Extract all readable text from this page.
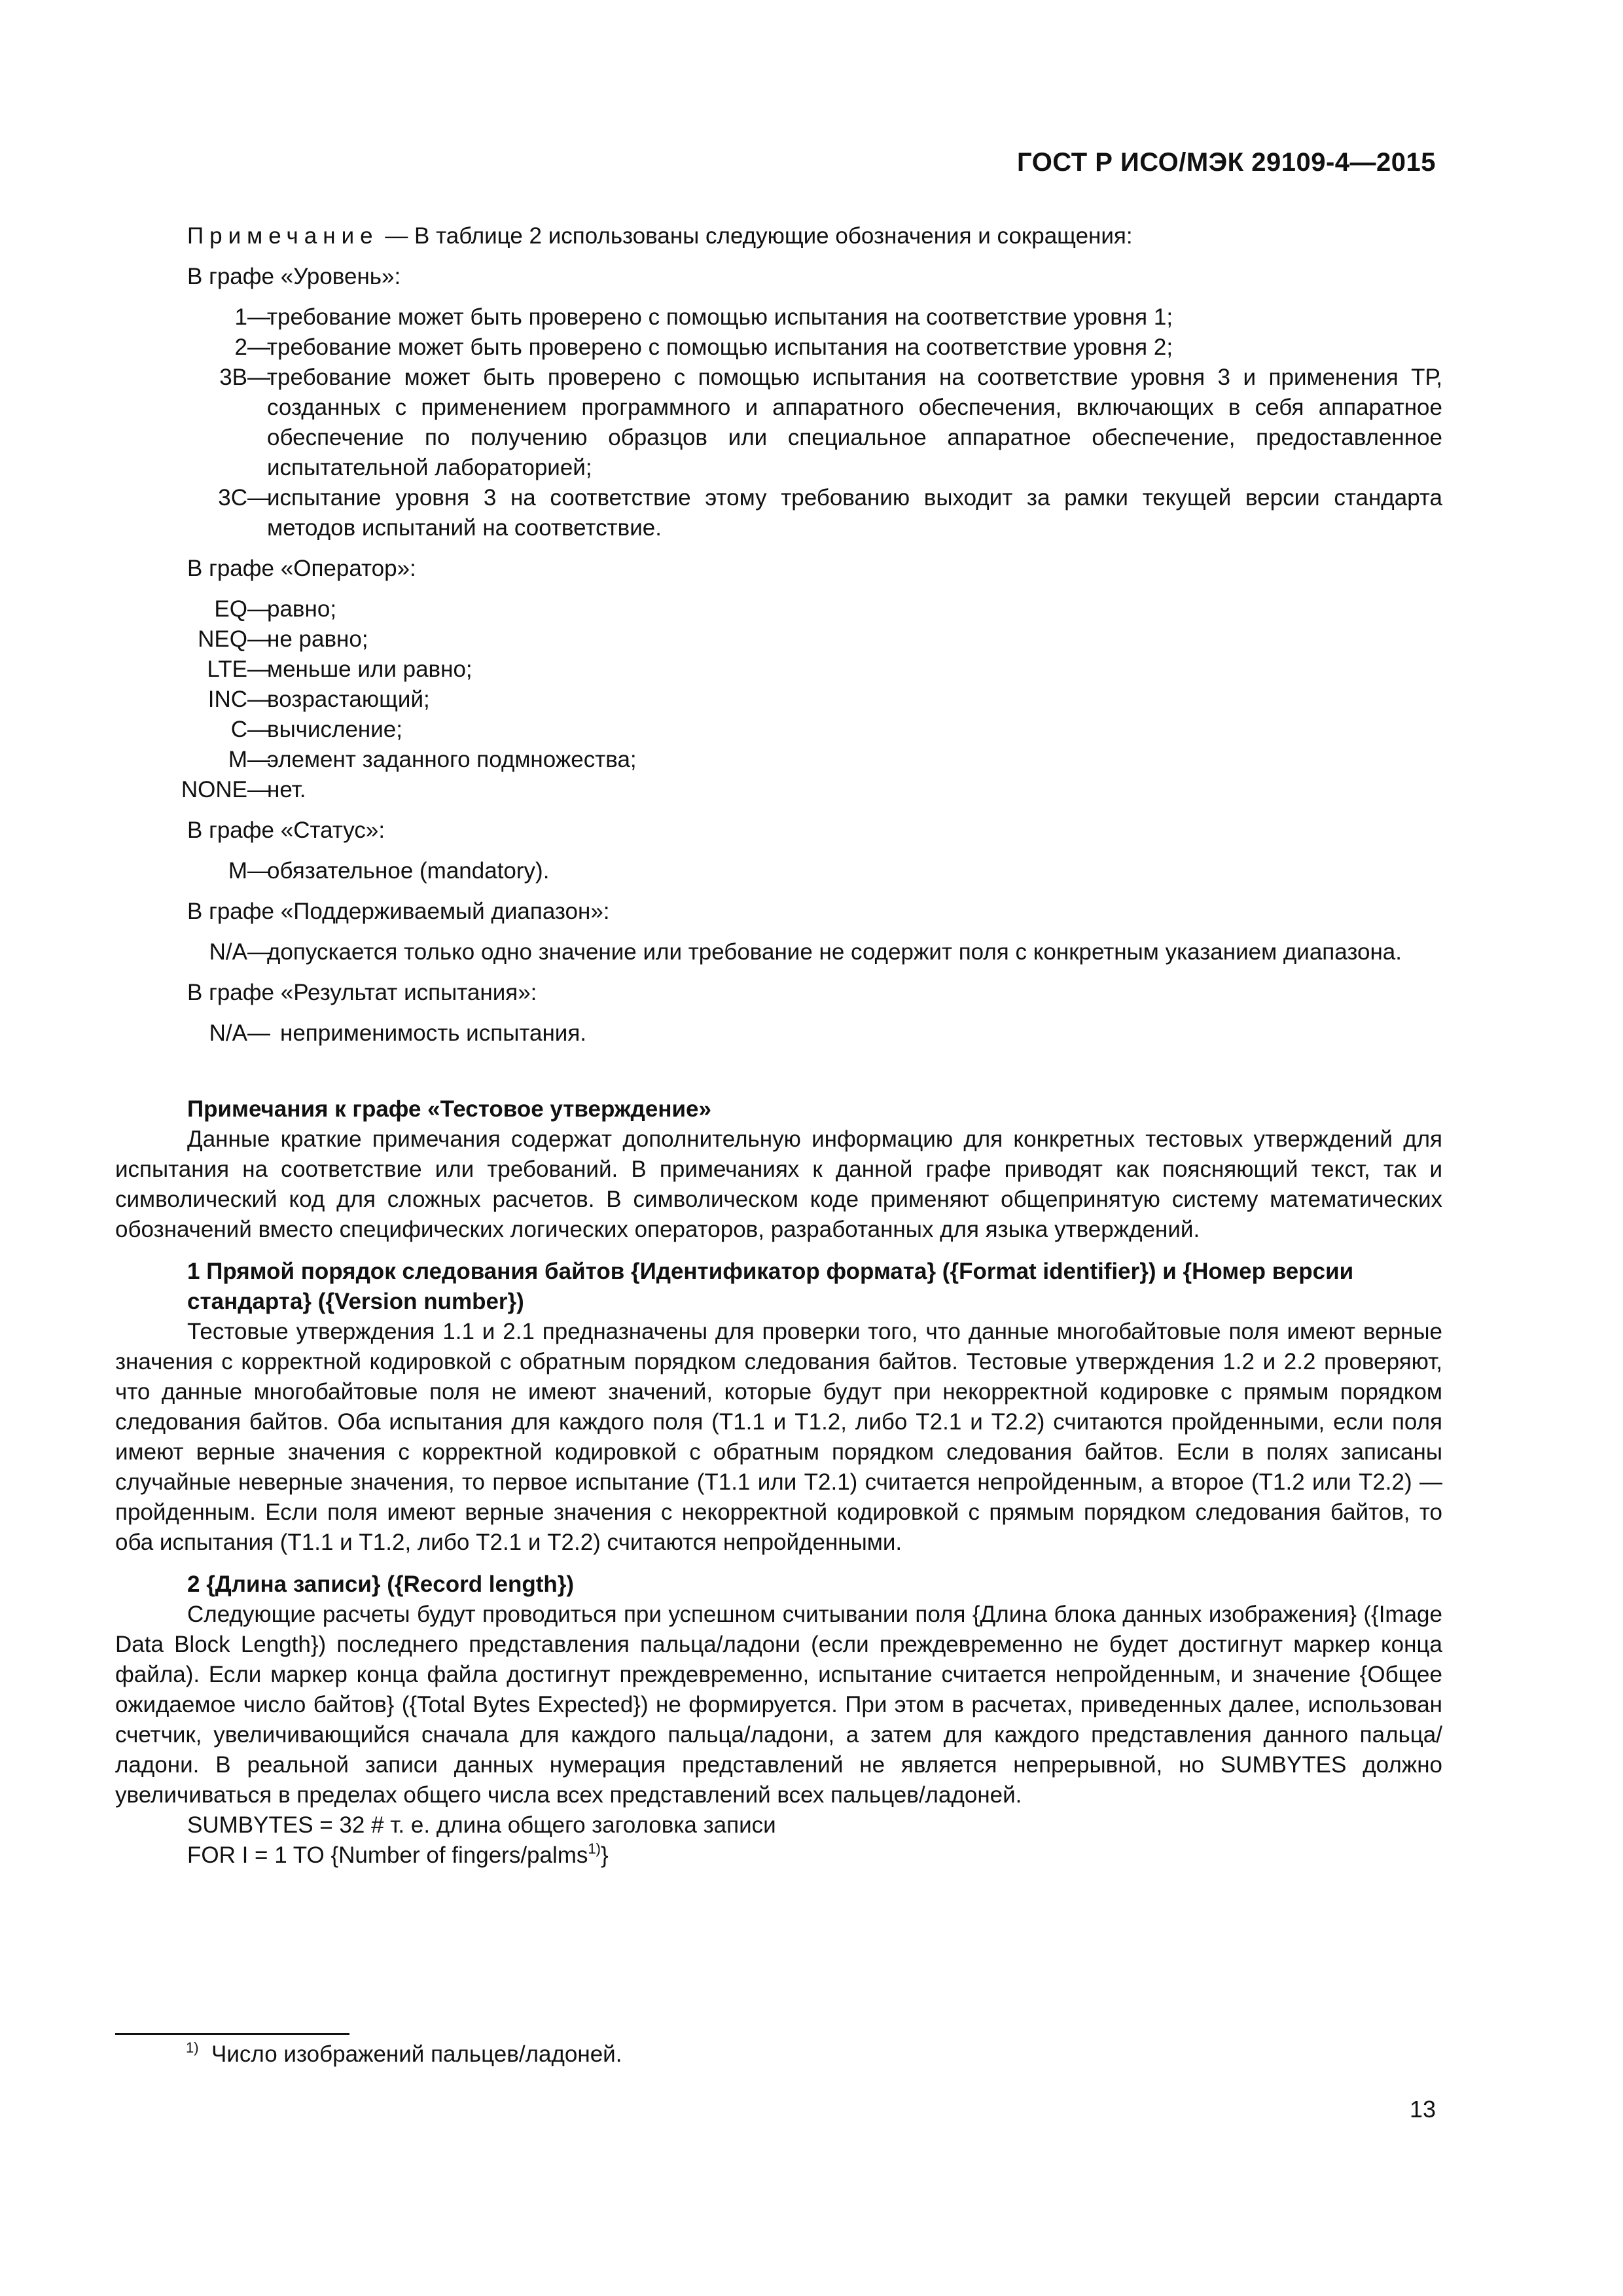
ГОСТ Р ИСО/МЭК 29109-4—2015

Примечание — В таблице 2 использованы следующие обозначения и сокращения:

В графе «Уровень»:

1 —
требование может быть проверено с помощью испытания на соответствие уровня 1;
2 —
требование может быть проверено с помощью испытания на соответствие уровня 2;
3B —
требование может быть проверено с помощью испытания на соответствие уровня 3 и применения ТР, созданных с применением программного и аппаратного обеспечения, включающих в себя аппаратное обеспечение по получению образцов или специальное аппаратное обеспечение, предоставленное испытательной лабораторией;
3C —
испытание уровня 3 на соответствие этому требованию выходит за рамки текущей версии стандарта методов испытаний на соответствие.

В графе «Оператор»:

EQ —
равно;
NEQ —
не равно;
LTE —
меньше или равно;
INC —
возрастающий;
C —
вычисление;
M —
элемент заданного подмножества;
NONE —
нет.

В графе «Статус»:

M —
обязательное (mandatory).

В графе «Поддерживаемый диапазон»:

N/A —
допускается только одно значение или требование не содержит поля с конкретным указанием диапазона.

В графе «Результат испытания»:

N/A — неприменимость испытания.

Примечания к графе «Тестовое утверждение»

Данные краткие примечания содержат дополнительную информацию для конкретных тестовых утверждений для испытания на соответствие или требований. В примечаниях к данной графе приводят как поясняющий текст, так и символический код для сложных расчетов. В символическом коде применяют общепринятую систему математических обозначений вместо специфических логических операторов, разработанных для языка утверждений.

1 Прямой порядок следования байтов {Идентификатор формата} ({Format identifier}) и {Номер версии стандарта} ({Version number})

Тестовые утверждения 1.1 и 2.1 предназначены для проверки того, что данные многобайтовые поля имеют верные значения с корректной кодировкой с обратным порядком следования байтов. Тестовые утверждения 1.2 и 2.2 проверяют, что данные многобайтовые поля не имеют значений, которые будут при некорректной кодировке с прямым порядком следования байтов. Оба испытания для каждого поля (Т1.1 и Т1.2, либо Т2.1 и Т2.2) считаются пройденными, если поля имеют верные значения с корректной кодировкой с обратным порядком следования байтов. Если в полях записаны случайные неверные значения, то первое испытание (Т1.1 или Т2.1) считается непройденным, а второе (Т1.2 или Т2.2) — пройденным. Если поля имеют верные значения с некорректной кодировкой с прямым порядком следования байтов, то оба испытания (Т1.1 и Т1.2, либо Т2.1 и Т2.2) считаются непройденными.

2 {Длина записи} ({Record length})

Следующие расчеты будут проводиться при успешном считывании поля {Длина блока данных изображения} ({Image Data Block Length}) последнего представления пальца/ладони (если преждевременно не будет достигнут маркер конца файла). Если маркер конца файла достигнут преждевременно, испытание считается непройденным, и значение {Общее ожидаемое число байтов} ({Total Bytes Expected}) не формируется. При этом в расчетах, приведенных далее, использован счетчик, увеличивающийся сначала для каждого пальца/ладони, а затем для каждого представления данного пальца/ладони. В реальной записи данных нумерация представлений не является непрерывной, но SUMBYTES должно увеличиваться в пределах общего числа всех представлений всех пальцев/ладоней.

SUMBYTES = 32 # т. е. длина общего заголовка записи

FOR I = 1 TO {Number of fingers/palms$^{1)}$}

$^{1)}$ Число изображений пальцев/ладоней.
13
